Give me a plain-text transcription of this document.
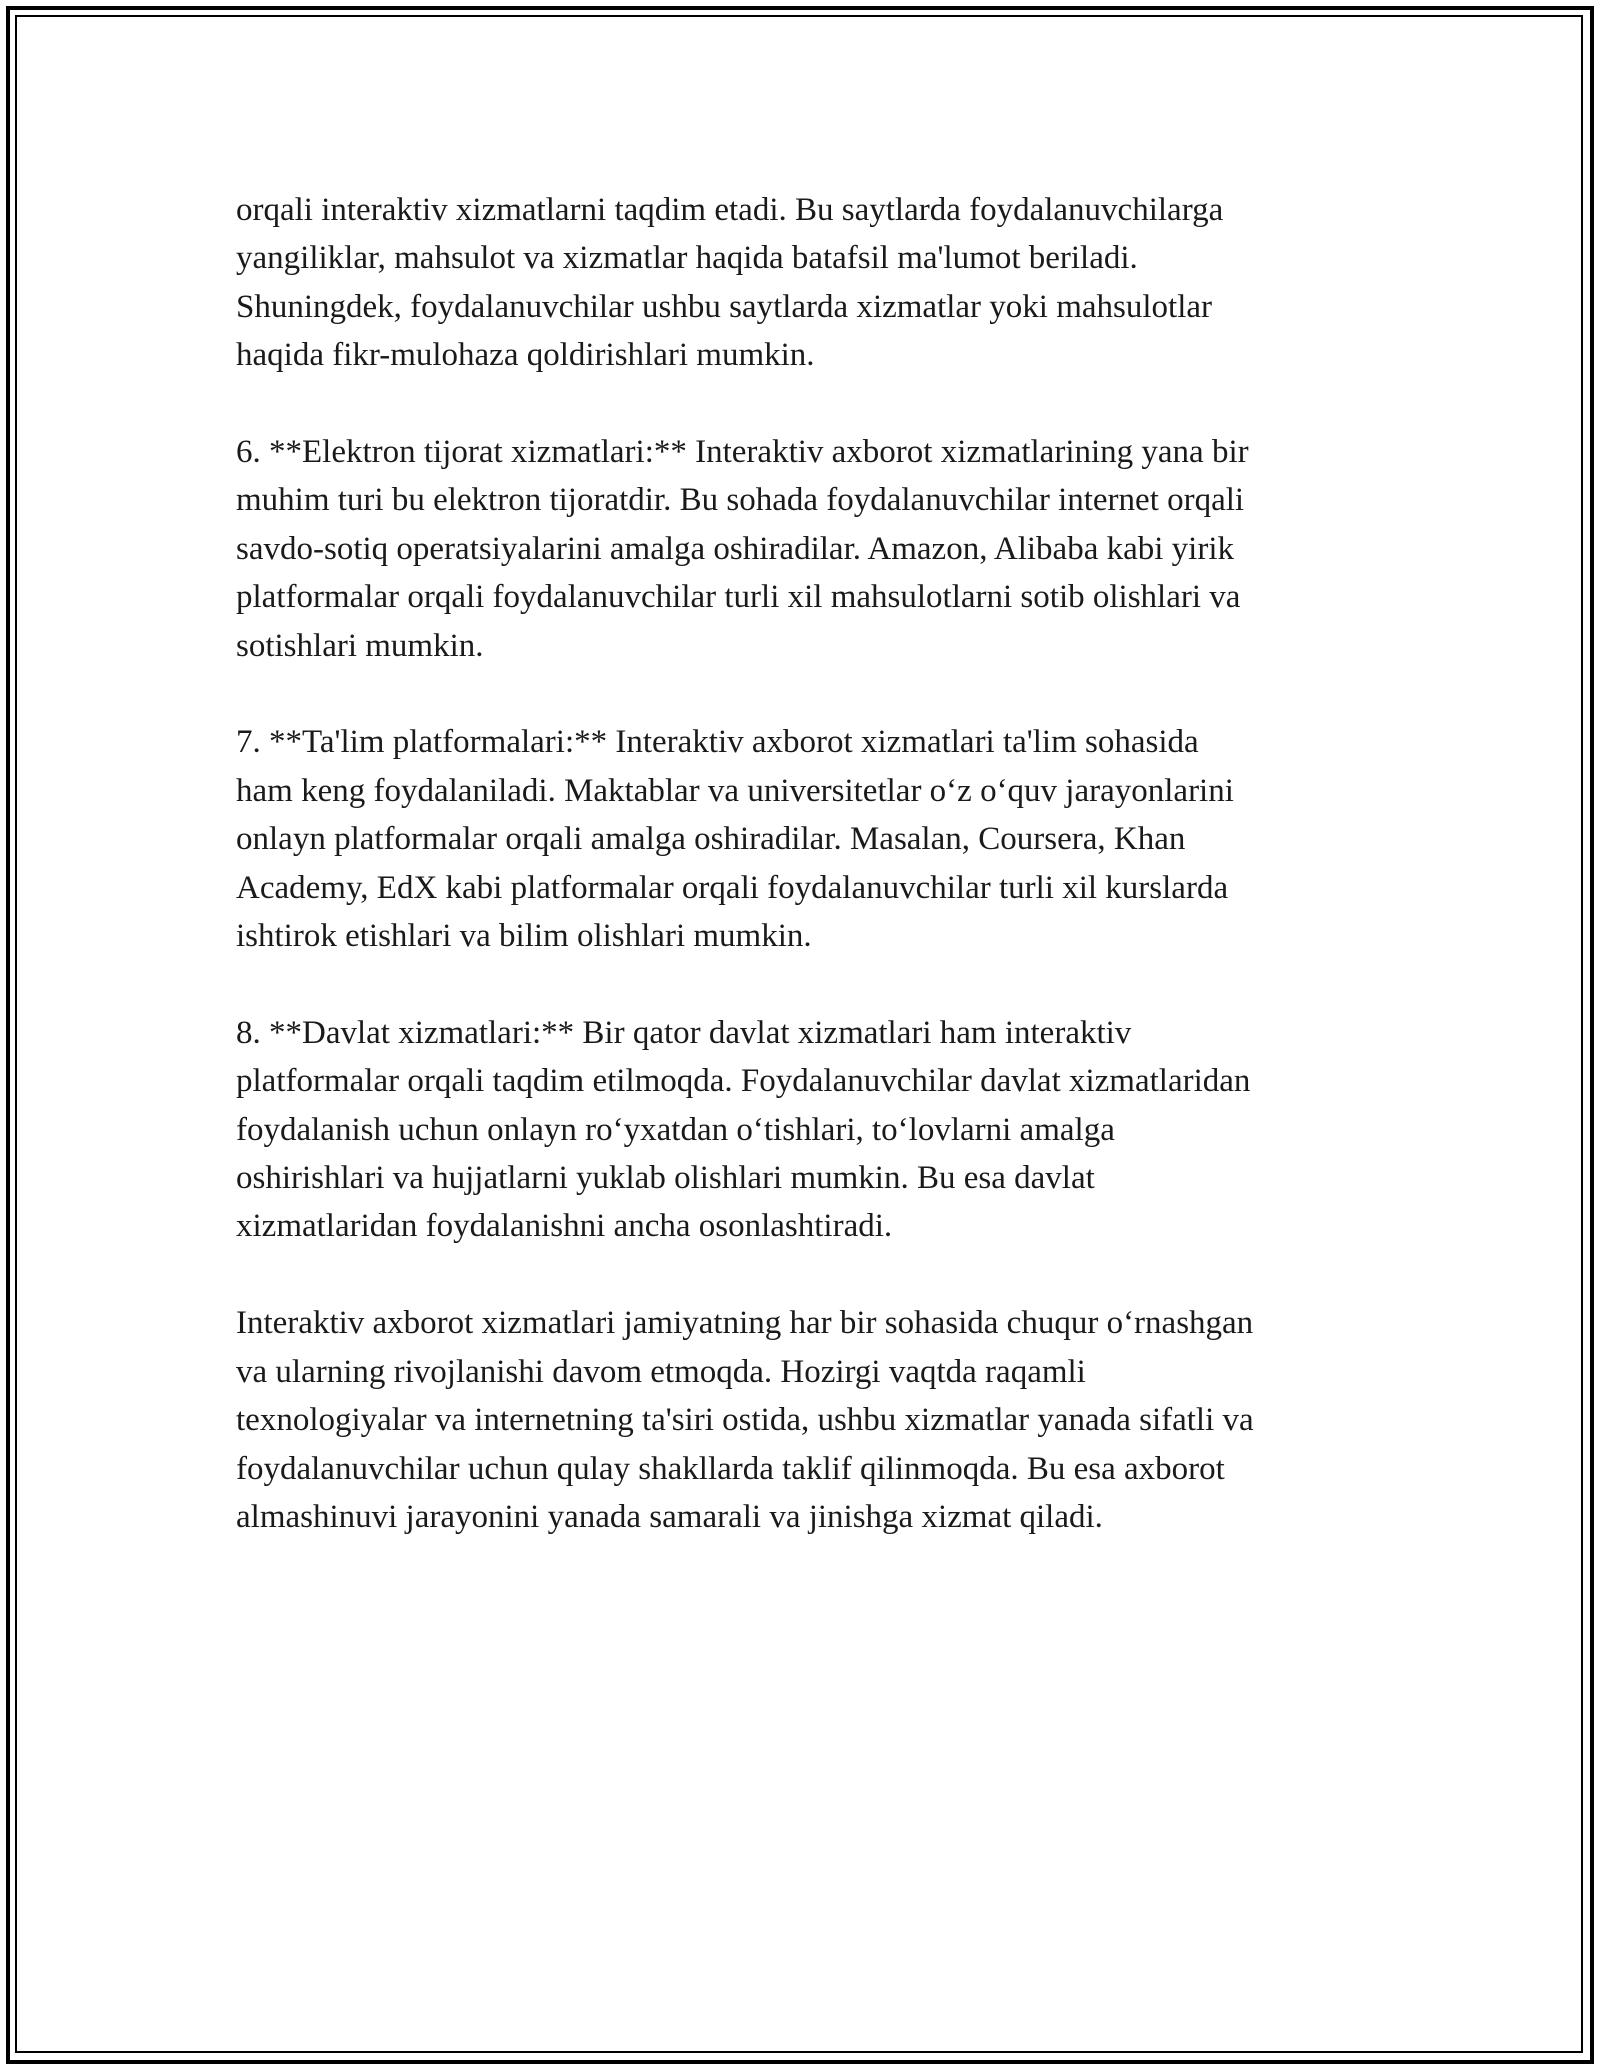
orqali interaktiv xizmatlarni taqdim etadi. Bu saytlarda foydalanuvchilarga
yangiliklar, mahsulot va xizmatlar haqida batafsil ma'lumot beriladi.
Shuningdek, foydalanuvchilar ushbu saytlarda xizmatlar yoki mahsulotlar
haqida fikr-mulohaza qoldirishlari mumkin.

6. **Elektron tijorat xizmatlari:** Interaktiv axborot xizmatlarining yana bir
muhim turi bu elektron tijoratdir. Bu sohada foydalanuvchilar internet orqali
savdo-sotiq operatsiyalarini amalga oshiradilar. Amazon, Alibaba kabi yirik
platformalar orqali foydalanuvchilar turli xil mahsulotlarni sotib olishlari va
sotishlari mumkin.

7. **Ta'lim platformalari:** Interaktiv axborot xizmatlari ta'lim sohasida
ham keng foydalaniladi. Maktablar va universitetlar o‘z o‘quv jarayonlarini
onlayn platformalar orqali amalga oshiradilar. Masalan, Coursera, Khan
Academy, EdX kabi platformalar orqali foydalanuvchilar turli xil kurslarda
ishtirok etishlari va bilim olishlari mumkin.

8. **Davlat xizmatlari:** Bir qator davlat xizmatlari ham interaktiv
platformalar orqali taqdim etilmoqda. Foydalanuvchilar davlat xizmatlaridan
foydalanish uchun onlayn ro‘yxatdan o‘tishlari, to‘lovlarni amalga
oshirishlari va hujjatlarni yuklab olishlari mumkin. Bu esa davlat
xizmatlaridan foydalanishni ancha osonlashtiradi.

Interaktiv axborot xizmatlari jamiyatning har bir sohasida chuqur o‘rnashgan
va ularning rivojlanishi davom etmoqda. Hozirgi vaqtda raqamli
texnologiyalar va internetning ta'siri ostida, ushbu xizmatlar yanada sifatli va
foydalanuvchilar uchun qulay shakllarda taklif qilinmoqda. Bu esa axborot
almashinuvi jarayonini yanada samarali va jinishga xizmat qiladi.
